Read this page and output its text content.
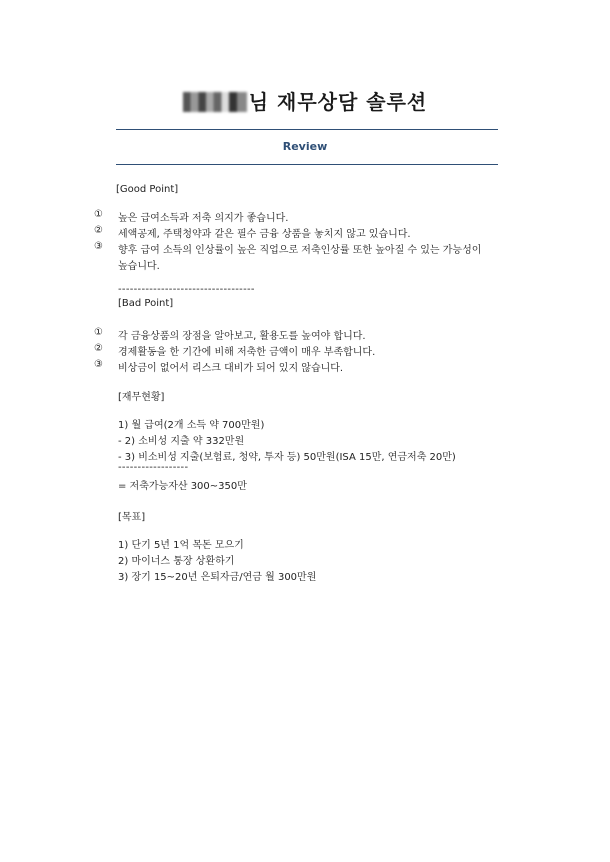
님 재무상담 솔루션
Review
[Good Point]
① 높은 급여소득과 저축 의지가 좋습니다.
② 세액공제, 주택청약과 같은 필수 금융 상품을 놓치지 않고 있습니다.
③ 향후 급여 소득의 인상률이 높은 직업으로 저축인상률 또한 높아질 수 있는 가능성이
높습니다.
-----------------------------------
[Bad Point]
① 각 금융상품의 장점을 알아보고, 활용도를 높여야 합니다.
② 경제활동을 한 기간에 비해 저축한 금액이 매우 부족합니다.
③ 비상금이 없어서 리스크 대비가 되어 있지 않습니다.
[재무현황]
1) 월 급여(2개 소득 약 700만원)
- 2) 소비성 지출 약 332만원
- 3) 비소비성 지출(보험료, 청약, 투자 등) 50만원(ISA 15만, 연금저축 20만)
------------------
= 저축가능자산 300~350만
[목표]
1) 단기 5년 1억 목돈 모으기
2) 마이너스 통장 상환하기
3) 장기 15~20년 은퇴자금/연금 월 300만원
